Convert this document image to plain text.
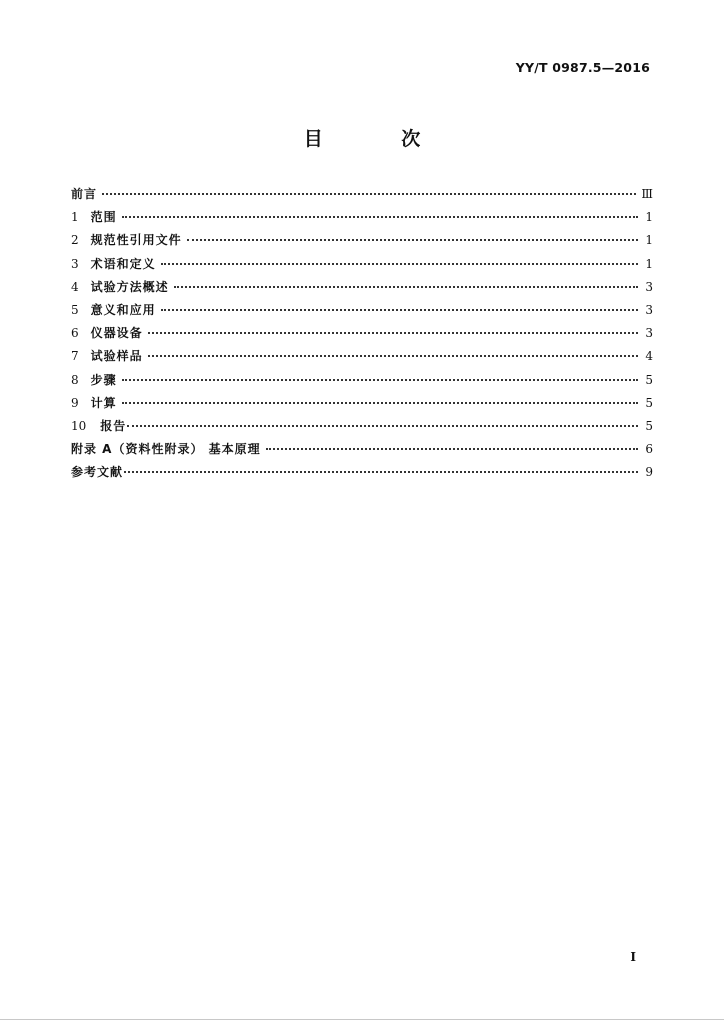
YY/T 0987.5—2016
目 次
前言	Ⅲ
1 范围	1
2 规范性引用文件	1
3 术语和定义	1
4 试验方法概述	3
5 意义和应用	3
6 仪器设备	3
7 试验样品	4
8 步骤	5
9 计算	5
10 报告	5
附录 A（资料性附录） 基本原理	6
参考文献	9
I
